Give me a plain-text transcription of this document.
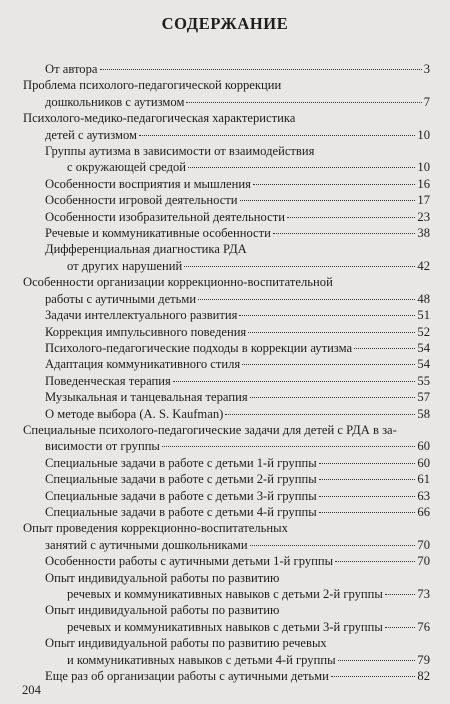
СОДЕРЖАНИЕ
От автора	3
Проблема психолого-педагогической коррекции
дошкольников с аутизмом	7
Психолого-медико-педагогическая характеристика
детей с аутизмом	10
Группы аутизма в зависимости от взаимодействия
с окружающей средой	10
Особенности восприятия и мышления	16
Особенности игровой деятельности	17
Особенности изобразительной деятельности	23
Речевые и коммуникативные особенности	38
Дифференциальная диагностика РДА
от других нарушений	42
Особенности организации коррекционно-воспитательной
работы с аутичными детьми	48
Задачи интеллектуального развития	51
Коррекция импульсивного поведения	52
Психолого-педагогические подходы в коррекции аутизма	54
Адаптация коммуникативного стиля	54
Поведенческая терапия	55
Музыкальная и танцевальная терапия	57
О методе выбора (A. S. Kaufman)	58
Специальные психолого-педагогические задачи для детей с РДА в за-
висимости от группы	60
Специальные задачи в работе с детьми 1-й группы	60
Специальные задачи в работе с детьми 2-й группы	61
Специальные задачи в работе с детьми 3-й группы	63
Специальные задачи в работе с детьми 4-й группы	66
Опыт проведения коррекционно-воспитательных
занятий с аутичными дошкольниками	70
Особенности работы с аутичными детьми 1-й группы	70
Опыт индивидуальной работы по развитию
речевых и коммуникативных навыков с детьми 2-й группы	73
Опыт индивидуальной работы по развитию
речевых и коммуникативных навыков с детьми 3-й группы	76
Опыт индивидуальной работы по развитию речевых
и коммуникативных навыков с детьми 4-й группы	79
Еще раз об организации работы с аутичными детьми	82
204
